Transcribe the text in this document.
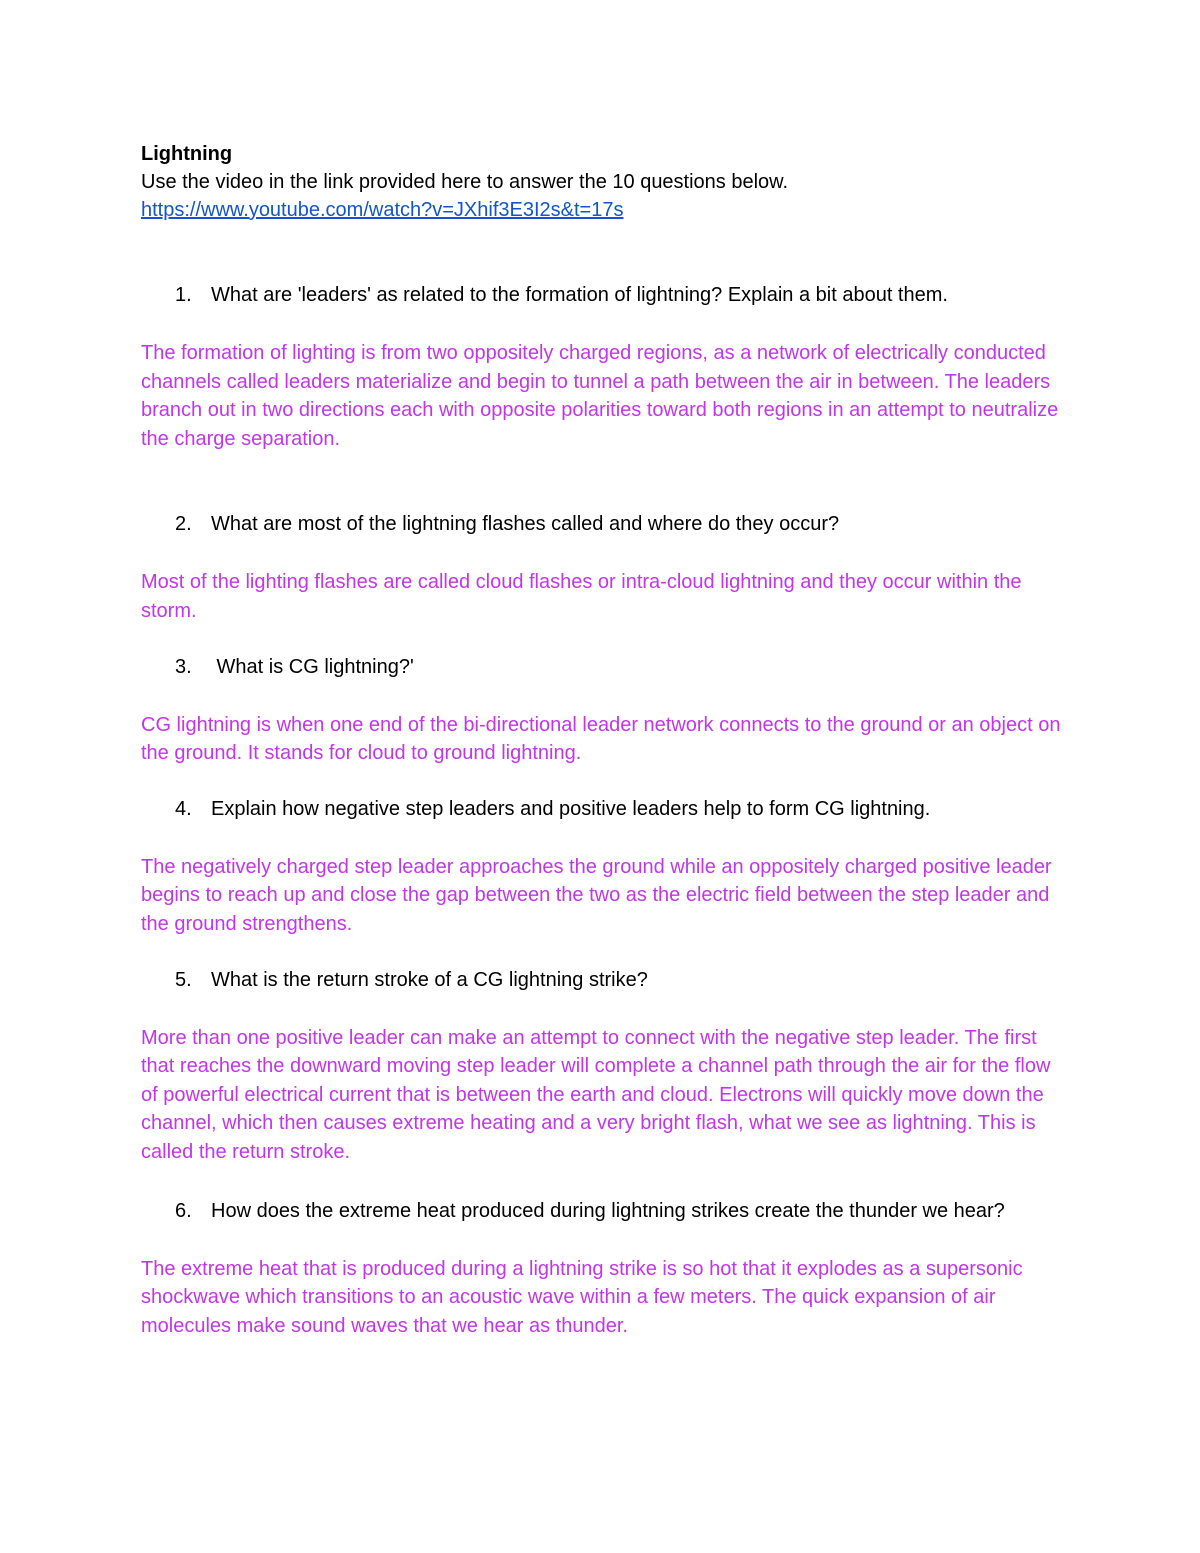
Lightning

Use the video in the link provided here to answer the 10 questions below.

https://www.youtube.com/watch?v=JXhif3E3I2s&t=17s
1. What are 'leaders' as related to the formation of lightning? Explain a bit about them.

The formation of lighting is from two oppositely charged regions, as a network of electrically conducted channels called leaders materialize and begin to tunnel a path between the air in between. The leaders branch out in two directions each with opposite polarities toward both regions in an attempt to neutralize the charge separation.

2. What are most of the lightning flashes called and where do they occur?

Most of the lighting flashes are called cloud flashes or intra-cloud lightning and they occur within the storm.

3. What is CG lightning?'

CG lightning is when one end of the bi-directional leader network connects to the ground or an object on the ground. It stands for cloud to ground lightning.

4. Explain how negative step leaders and positive leaders help to form CG lightning.

The negatively charged step leader approaches the ground while an oppositely charged positive leader begins to reach up and close the gap between the two as the electric field between the step leader and the ground strengthens.

5. What is the return stroke of a CG lightning strike?

More than one positive leader can make an attempt to connect with the negative step leader. The first that reaches the downward moving step leader will complete a channel path through the air for the flow of powerful electrical current that is between the earth and cloud. Electrons will quickly move down the channel, which then causes extreme heating and a very bright flash, what we see as lightning. This is called the return stroke.

6. How does the extreme heat produced during lightning strikes create the thunder we hear?

The extreme heat that is produced during a lightning strike is so hot that it explodes as a supersonic shockwave which transitions to an acoustic wave within a few meters. The quick expansion of air molecules make sound waves that we hear as thunder.
